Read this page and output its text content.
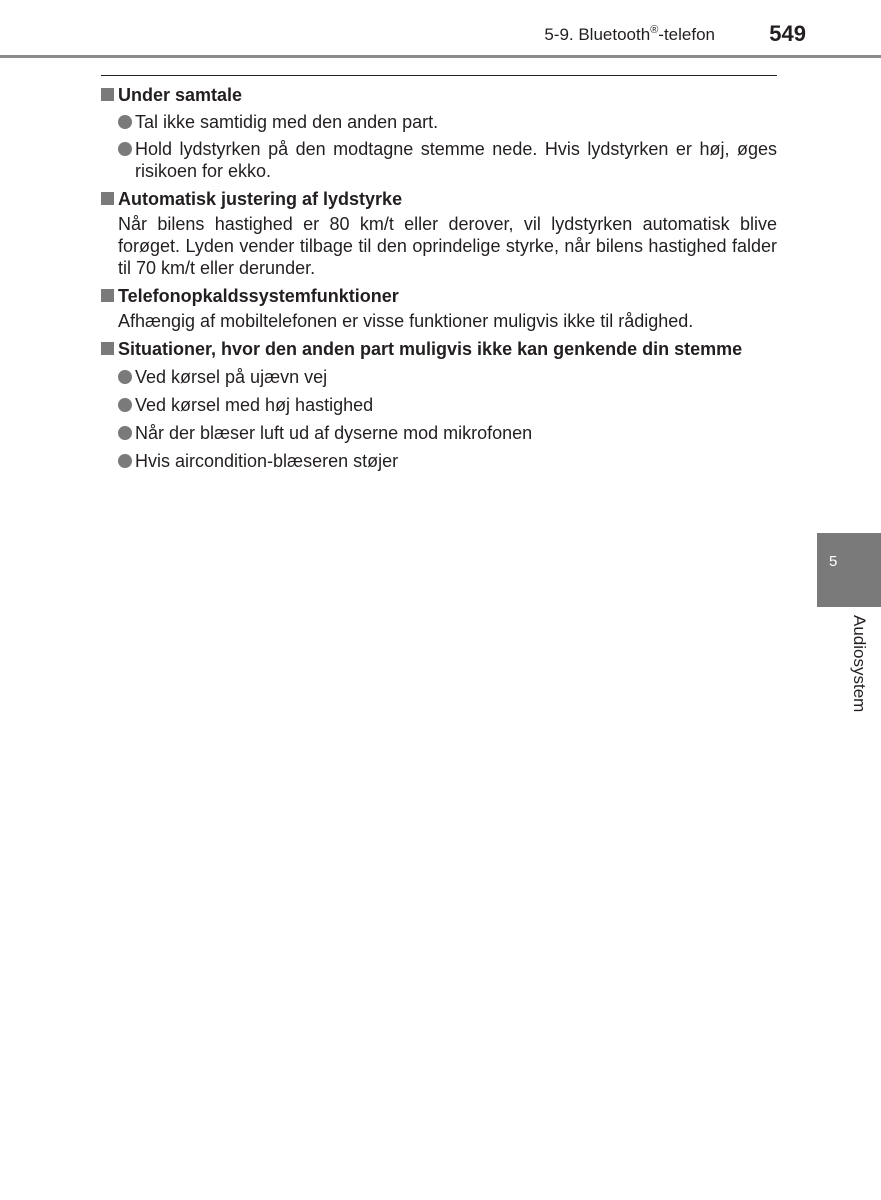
5-9. Bluetooth®-telefon 549
Under samtale
Tal ikke samtidig med den anden part.
Hold lydstyrken på den modtagne stemme nede. Hvis lydstyrken er høj, øges risikoen for ekko.
Automatisk justering af lydstyrke
Når bilens hastighed er 80 km/t eller derover, vil lydstyrken automatisk blive forøget. Lyden vender tilbage til den oprindelige styrke, når bilens hastighed falder til 70 km/t eller derunder.
Telefonopkaldssystemfunktioner
Afhængig af mobiltelefonen er visse funktioner muligvis ikke til rådighed.
Situationer, hvor den anden part muligvis ikke kan genkende din stemme
Ved kørsel på ujævn vej
Ved kørsel med høj hastighed
Når der blæser luft ud af dyserne mod mikrofonen
Hvis aircondition-blæseren støjer
5
Audiosystem
